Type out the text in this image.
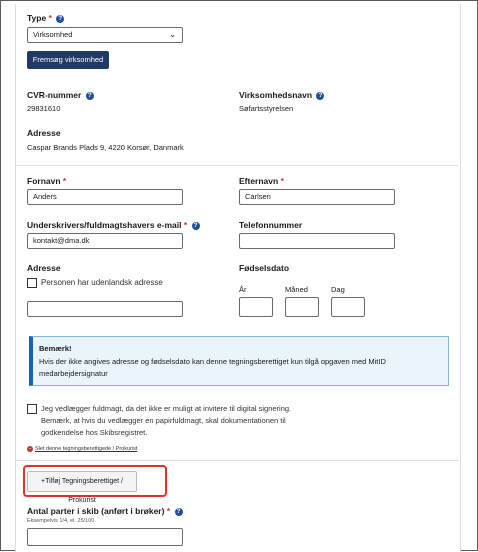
Type * ?
Virksomhed	⌄
Fremsøg virksomhed
CVR-nummer ?
29831610
Virksomhedsnavn ?
Søfartsstyrelsen
Adresse
Caspar Brands Plads 9, 4220 Korsør, Danmark
Fornavn *
Anders
Efternavn *
Carlsen
Underskrivers/fuldmagtshavers e-mail * ?
kontakt@dma.dk
Telefonnummer
Adresse
Personen har udenlandsk adresse
Fødselsdato
År	Måned	Dag
Bemærk!
Hvis der ikke angives adresse og fødselsdato kan denne tegningsberettiget kun tilgå opgaven med MitID medarbejdersignatur
Jeg vedlægger fuldmagt, da det ikke er muligt at invitere til digital signering. Bemærk, at hvis du vedlægger en papirfuldmagt, skal dokumentationen til godkendelse hos Skibsregistret.
− Slet denne tegningsberettigede / Prokurist
+Tilføj Tegningsberettiget / Prokurist
Antal parter i skib (anført i brøker) * ?
Eksempelvis 1/4, el. 25/100
